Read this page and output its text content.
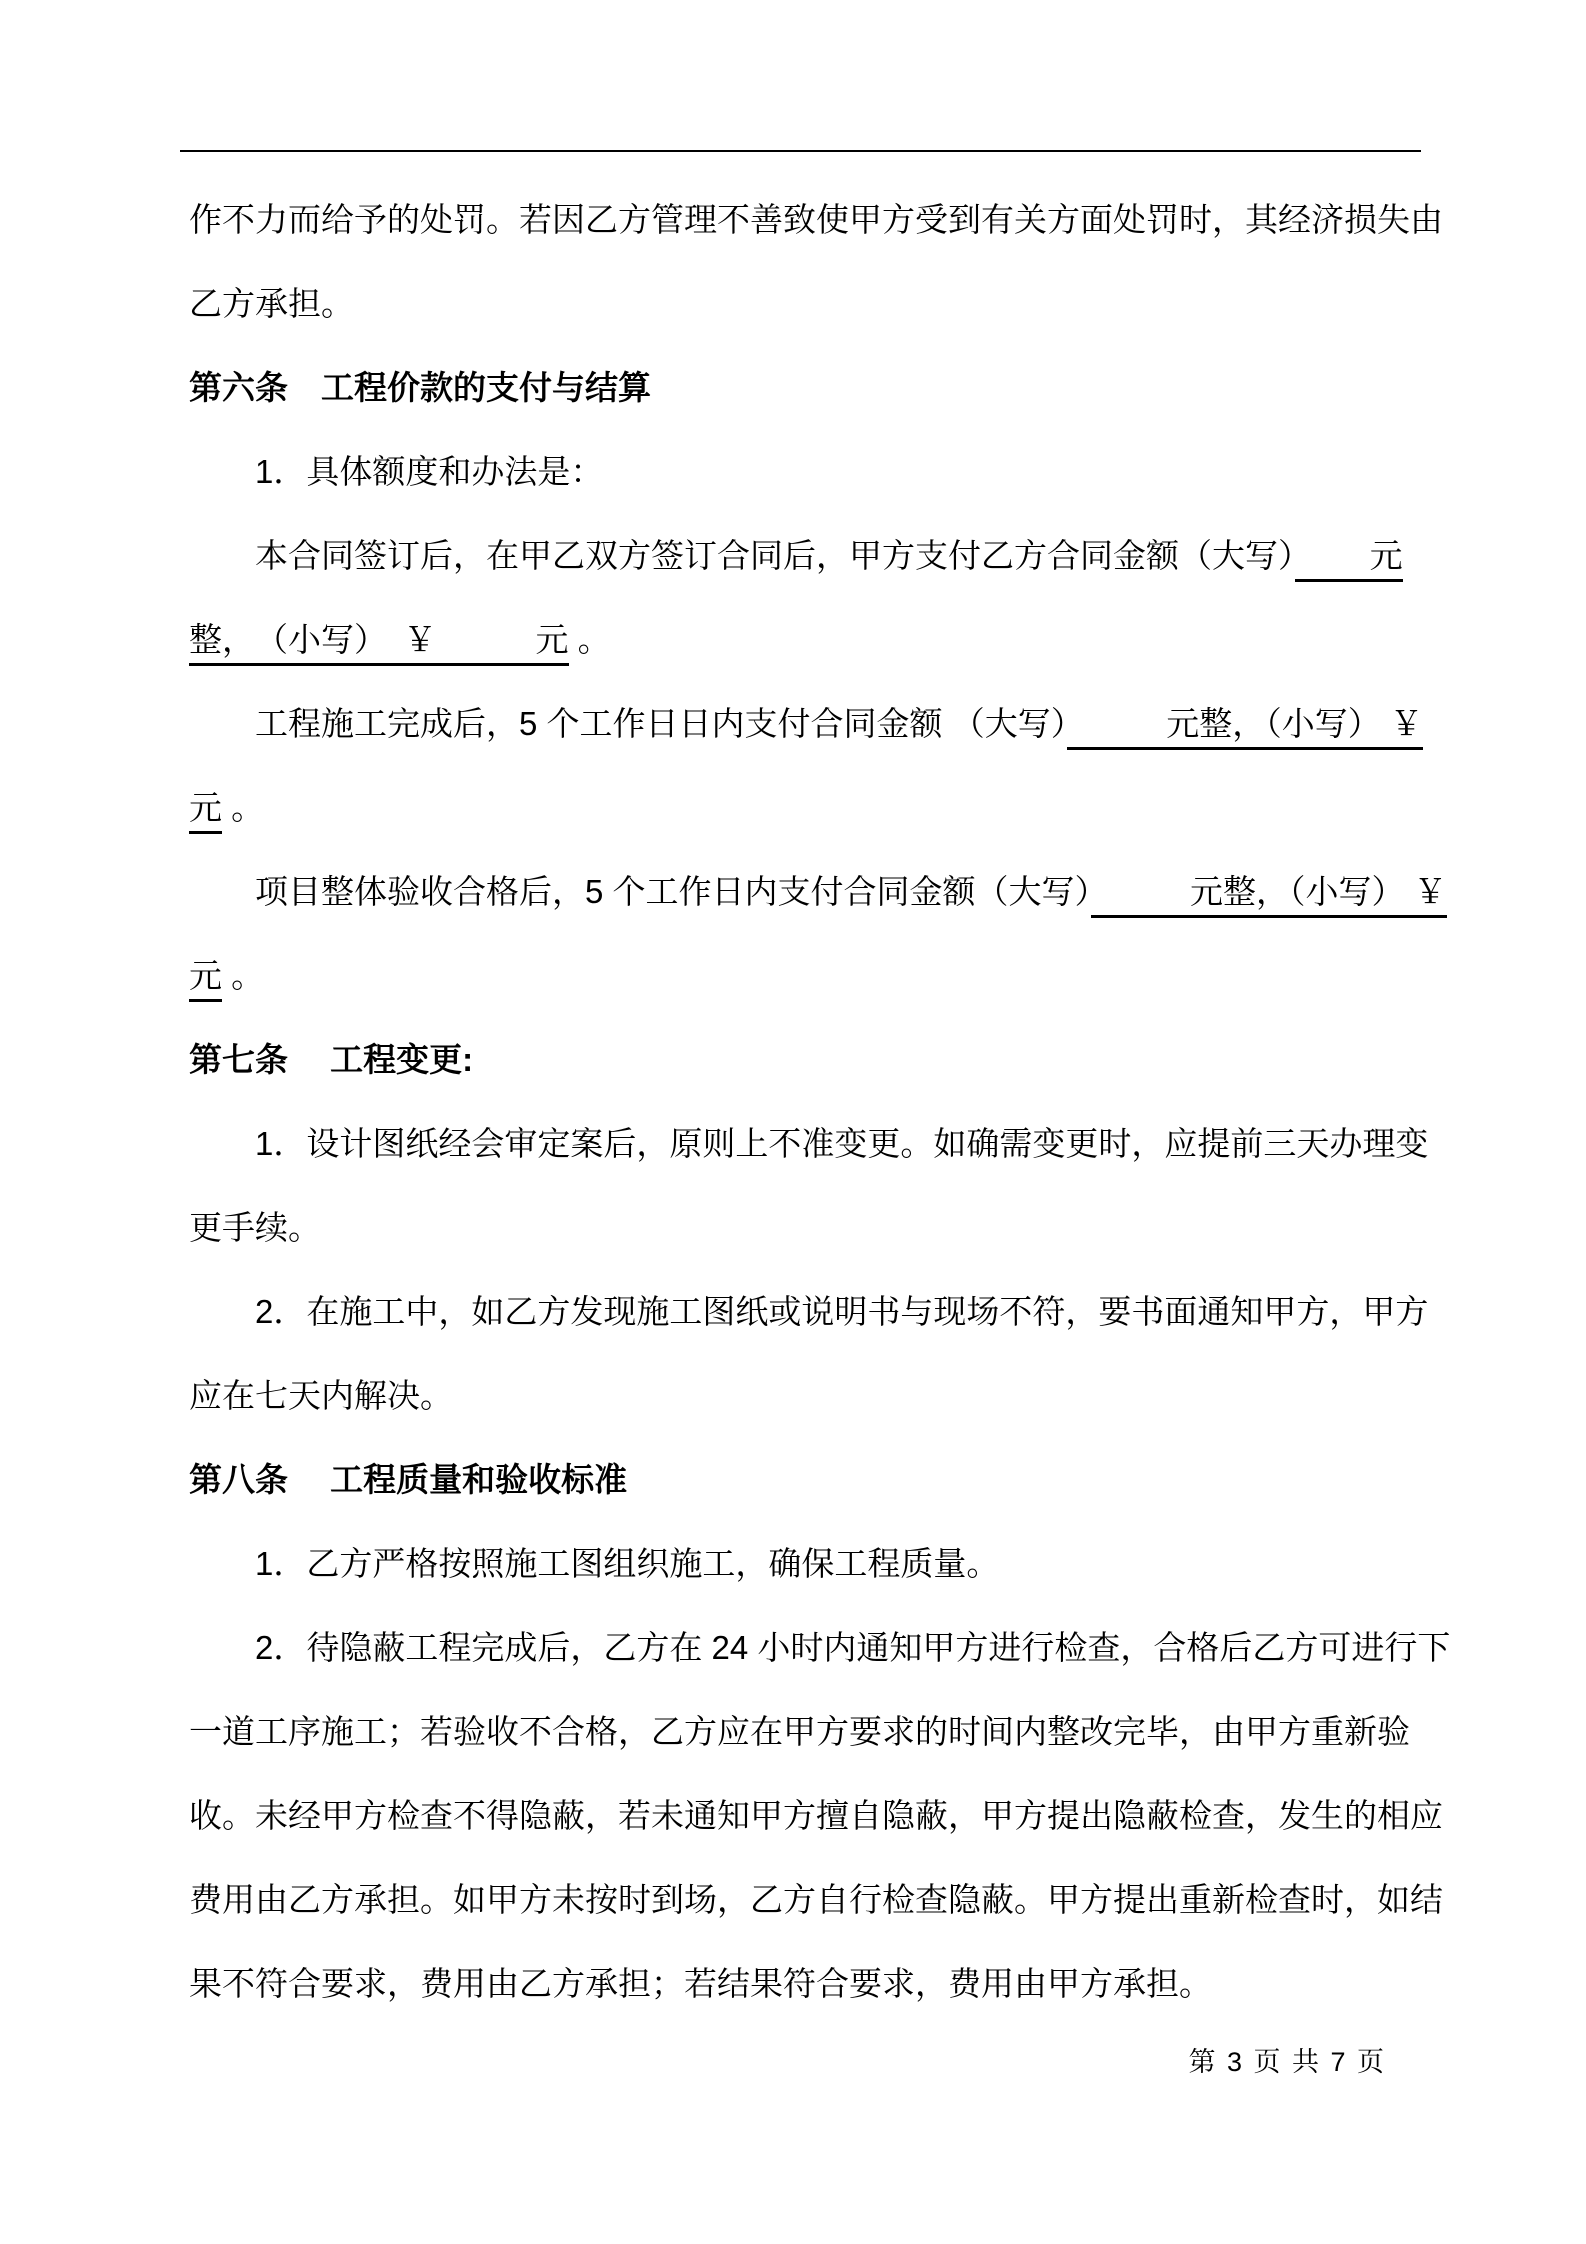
作不力而给予的处罚。若因乙方管理不善致使甲方受到有关方面处罚时，其经济损失由
乙方承担。
第六条　工程价款的支付与结算
1．具体额度和办法是：
本合同签订后，在甲乙双方签订合同后，甲方支付乙方合同金额（大写）　　 元
整，　（小写）　￥　　　元 。
工程施工完成后，5 个工作日日内支付合同金额 （大写）　　　元整，（小写） ￥
元 。
项目整体验收合格后，5 个工作日内支付合同金额（大写）　　　元整，（小写） ￥
元 。
第七条　 工程变更:
1．设计图纸经会审定案后，原则上不准变更。如确需变更时，应提前三天办理变
更手续。
2．在施工中，如乙方发现施工图纸或说明书与现场不符，要书面通知甲方，甲方
应在七天内解决。
第八条　 工程质量和验收标准
1．乙方严格按照施工图组织施工，确保工程质量。
2．待隐蔽工程完成后，乙方在 24 小时内通知甲方进行检查，合格后乙方可进行下
一道工序施工；若验收不合格，乙方应在甲方要求的时间内整改完毕，由甲方重新验
收。未经甲方检查不得隐蔽，若未通知甲方擅自隐蔽，甲方提出隐蔽检查，发生的相应
费用由乙方承担。如甲方未按时到场，乙方自行检查隐蔽。甲方提出重新检查时，如结
果不符合要求，费用由乙方承担；若结果符合要求，费用由甲方承担。
第 3 页 共 7 页
